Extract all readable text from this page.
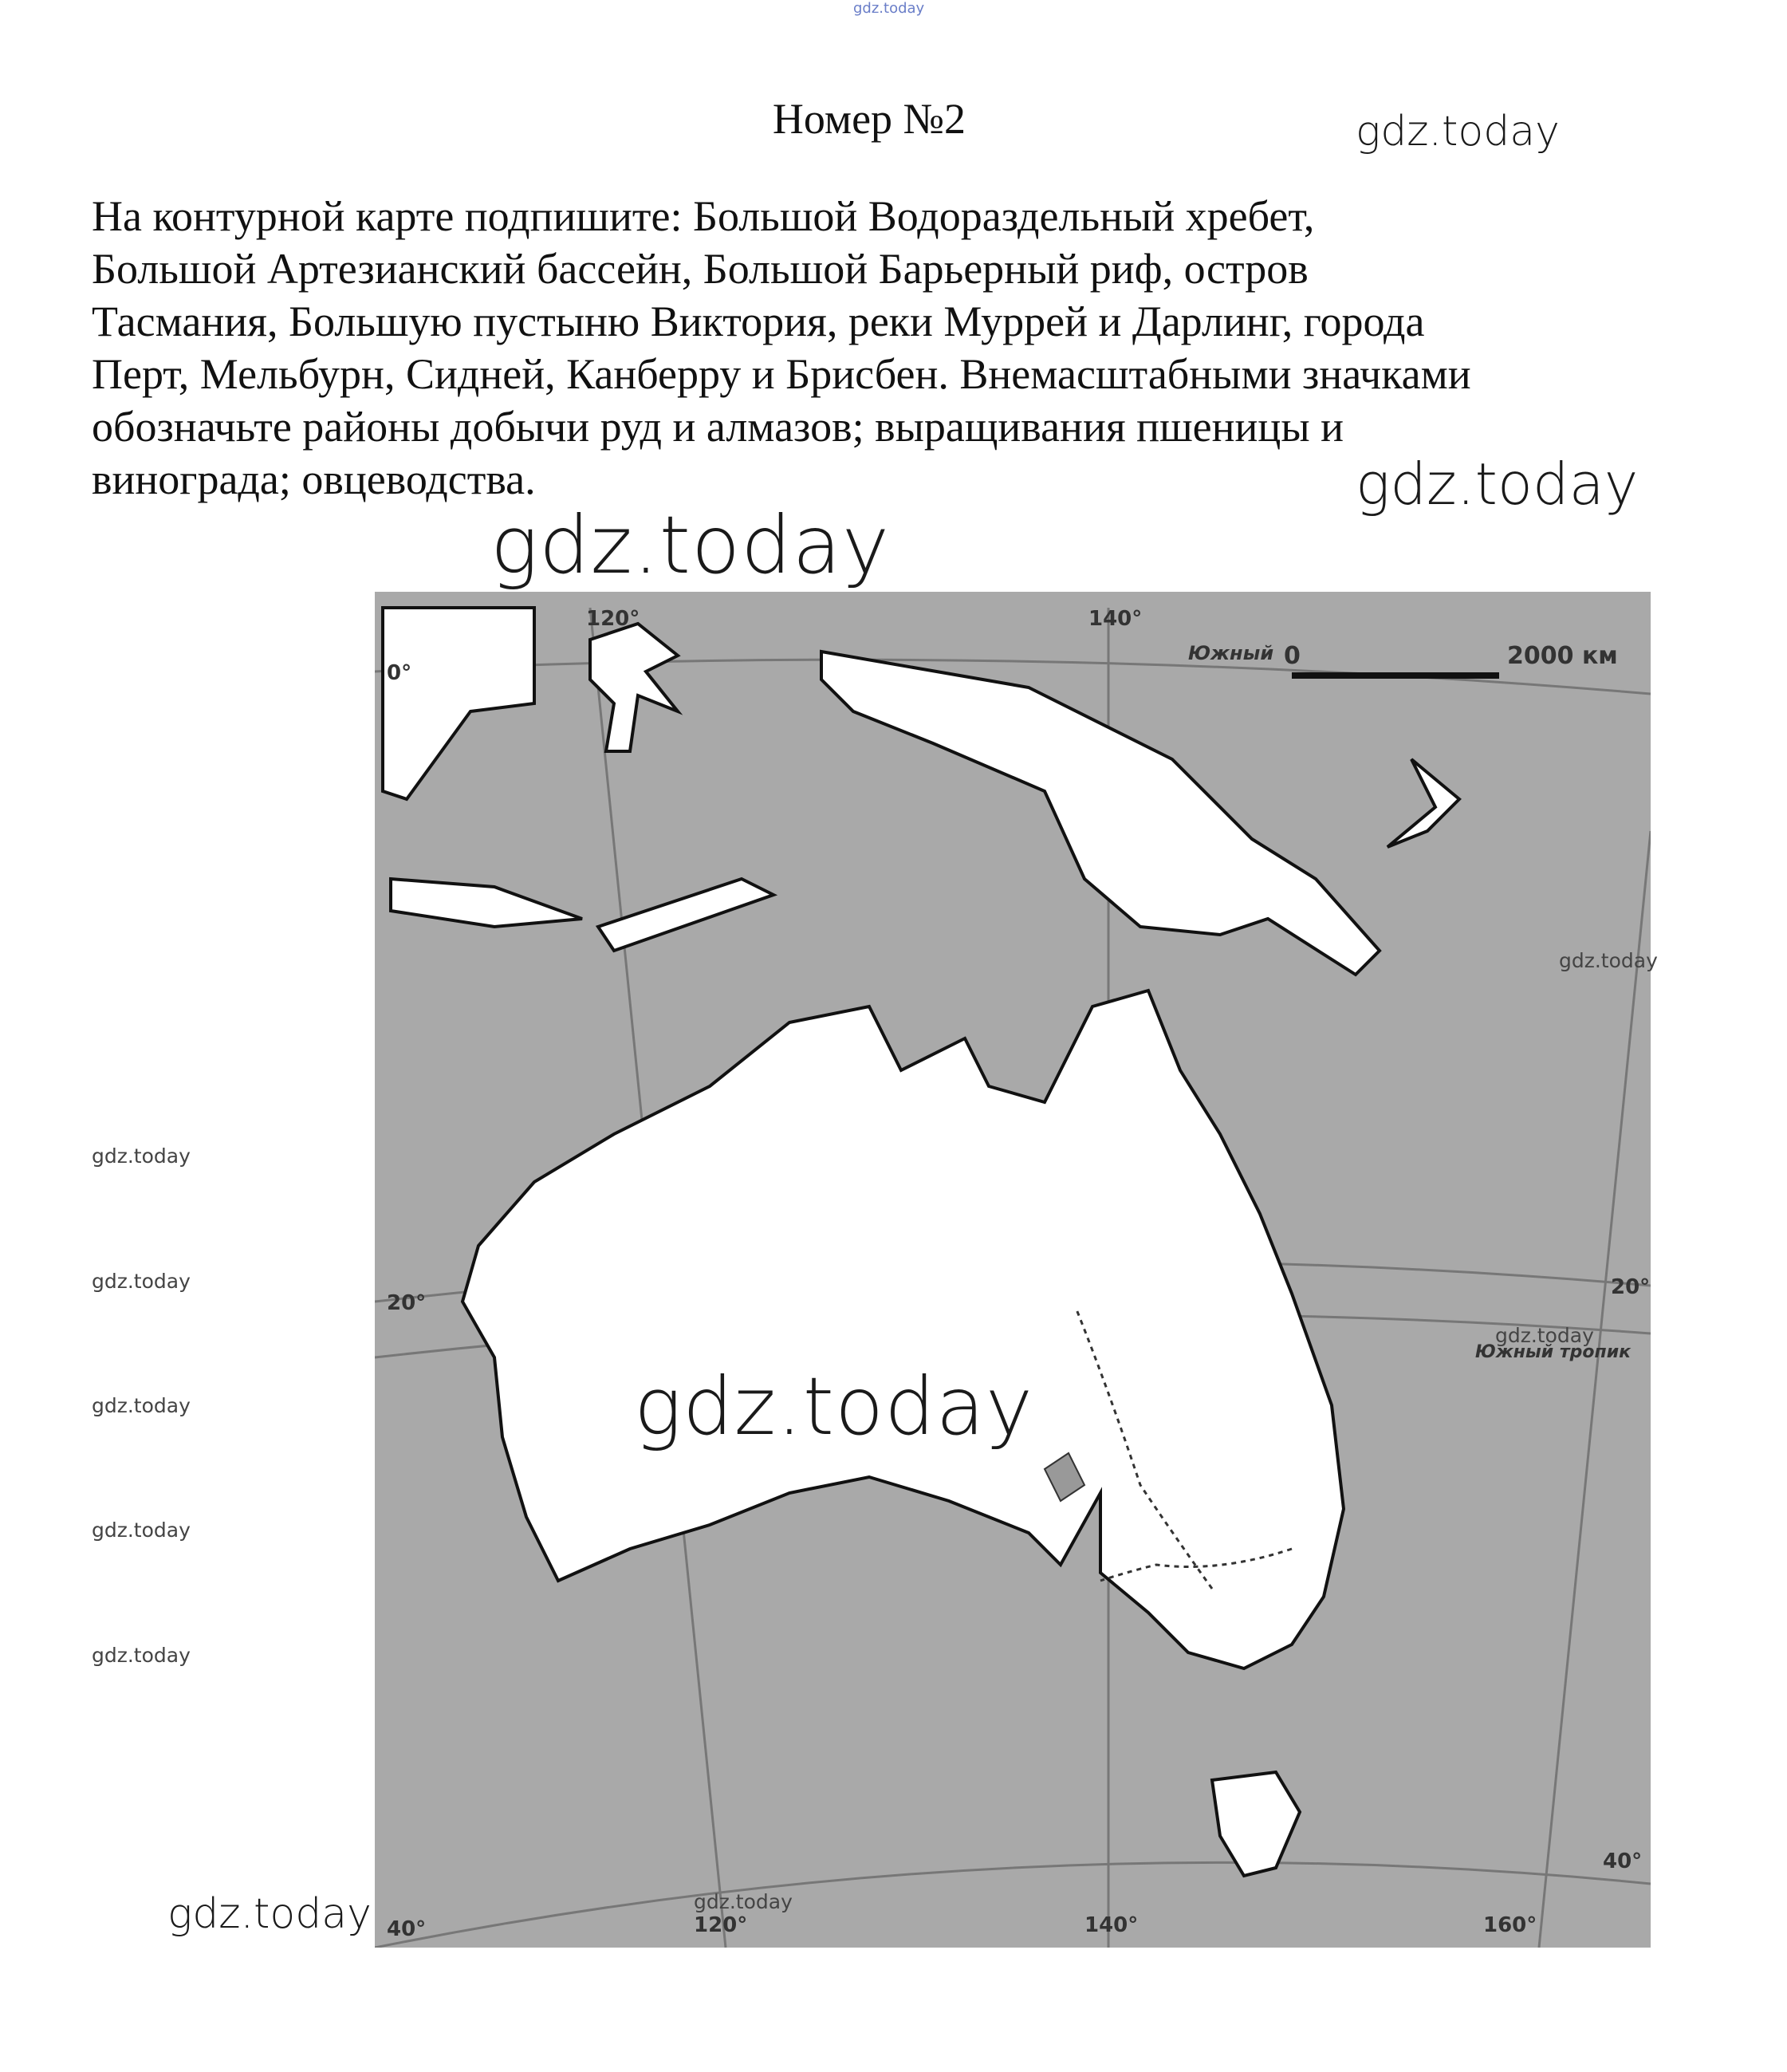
gdz.today
Номер №2	gdz.today
На контурной карте подпишите: Большой Водораздельный хребет,
Большой Артезианский бассейн, Большой Барьерный риф, остров
Тасмания, Большую пустыню Виктория, реки Муррей и Дарлинг, города
Перт, Мельбурн, Сидней, Канберру и Брисбен. Внемасштабными значками
обозначьте районы добычи руд и алмазов; выращивания пшеницы и
винограда; овцеводства.	gdz.today
gdz.today
0	2000 км
Южный
0°
20°
20°
40°
40°	120°	140°	160°
120°	140°
Южный тропик
gdz.today
gdz.today
gdz.today
gdz.today
gdz.today
gdz.today
gdz.today
gdz.today
gdz.today
gdz.today
